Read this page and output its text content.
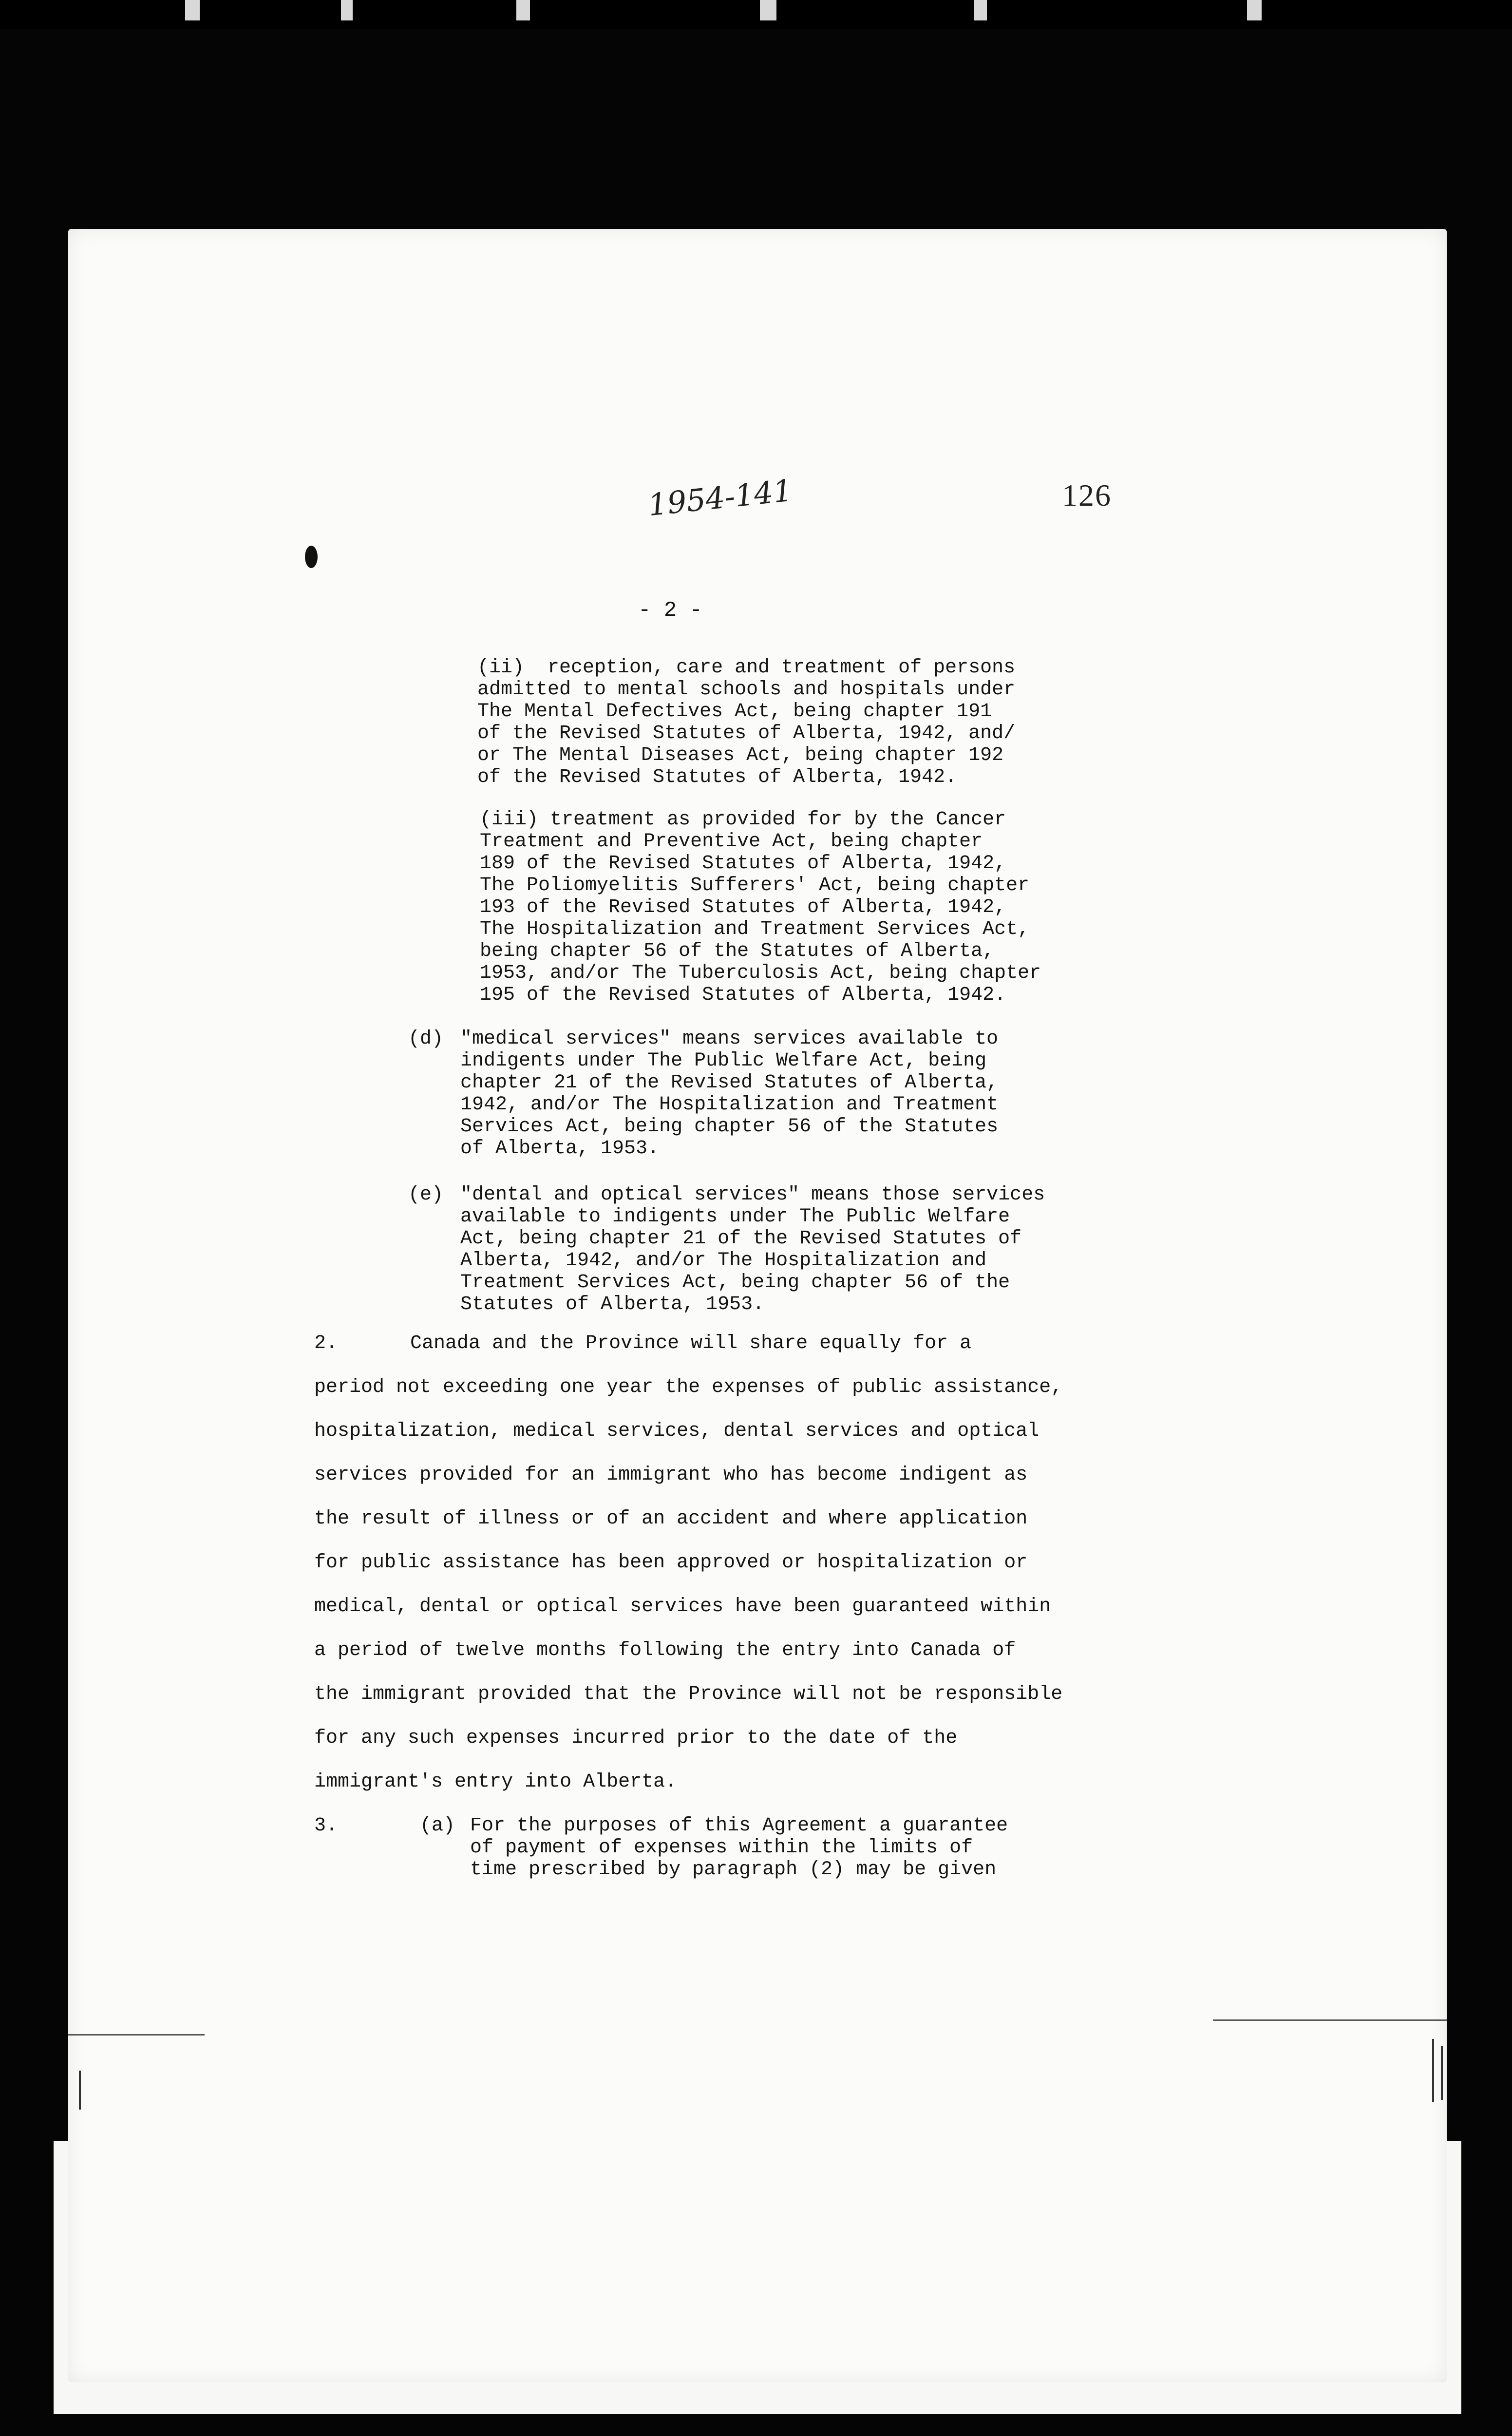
1954-141	126
- 2 -
(ii)  reception, care and treatment of persons
admitted to mental schools and hospitals under
The Mental Defectives Act, being chapter 191
of the Revised Statutes of Alberta, 1942, and/
or The Mental Diseases Act, being chapter 192
of the Revised Statutes of Alberta, 1942.
(iii) treatment as provided for by the Cancer
Treatment and Preventive Act, being chapter
189 of the Revised Statutes of Alberta, 1942,
The Poliomyelitis Sufferers' Act, being chapter
193 of the Revised Statutes of Alberta, 1942,
The Hospitalization and Treatment Services Act,
being chapter 56 of the Statutes of Alberta,
1953, and/or The Tuberculosis Act, being chapter
195 of the Revised Statutes of Alberta, 1942.
(d) "medical services" means services available to
indigents under The Public Welfare Act, being
chapter 21 of the Revised Statutes of Alberta,
1942, and/or The Hospitalization and Treatment
Services Act, being chapter 56 of the Statutes
of Alberta, 1953.
(e) "dental and optical services" means those services
available to indigents under The Public Welfare
Act, being chapter 21 of the Revised Statutes of
Alberta, 1942, and/or The Hospitalization and
Treatment Services Act, being chapter 56 of the
Statutes of Alberta, 1953.
2.	Canada and the Province will share equally for a
period not exceeding one year the expenses of public assistance,
hospitalization, medical services, dental services and optical
services provided for an immigrant who has become indigent as
the result of illness or of an accident and where application
for public assistance has been approved or hospitalization or
medical, dental or optical services have been guaranteed within
a period of twelve months following the entry into Canada of
the immigrant provided that the Province will not be responsible
for any such expenses incurred prior to the date of the
immigrant's entry into Alberta.
3.	(a) For the purposes of this Agreement a guarantee
of payment of expenses within the limits of
time prescribed by paragraph (2) may be given
